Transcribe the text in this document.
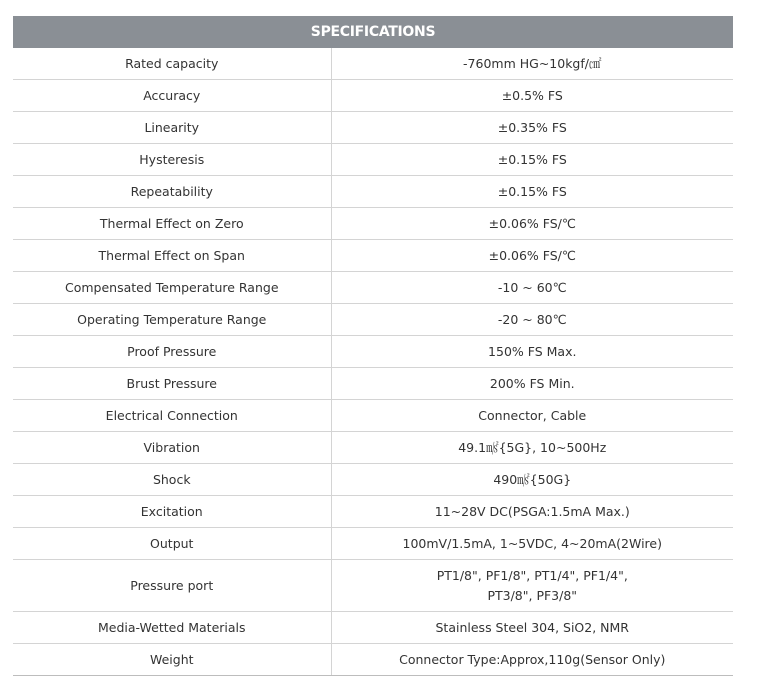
SPECIFICATIONS	
Rated capacity	-760mm HG~10kgf/㎠
Accuracy	±0.5% FS
Linearity	±0.35% FS
Hysteresis	±0.15% FS
Repeatability	±0.15% FS
Thermal Effect on Zero	±0.06% FS/℃
Thermal Effect on Span	±0.06% FS/℃
Compensated Temperature Range	-10 ~ 60℃
Operating Temperature Range	-20 ~ 80℃
Proof Pressure	150% FS Max.
Brust Pressure	200% FS Min.
Electrical Connection	Connector, Cable
Vibration	49.1㎨{5G}, 10~500Hz
Shock	490㎨{50G}
Excitation	11~28V DC(PSGA:1.5mA Max.)
Output	100mV/1.5mA, 1~5VDC, 4~20mA(2Wire)
Pressure port	PT1/8", PF1/8", PT1/4", PF1/4",
PT3/8", PF3/8"

Media-Wetted Materials	Stainless Steel 304, SiO2, NMR
Weight	Connector Type:Approx,110g(Sensor Only)
